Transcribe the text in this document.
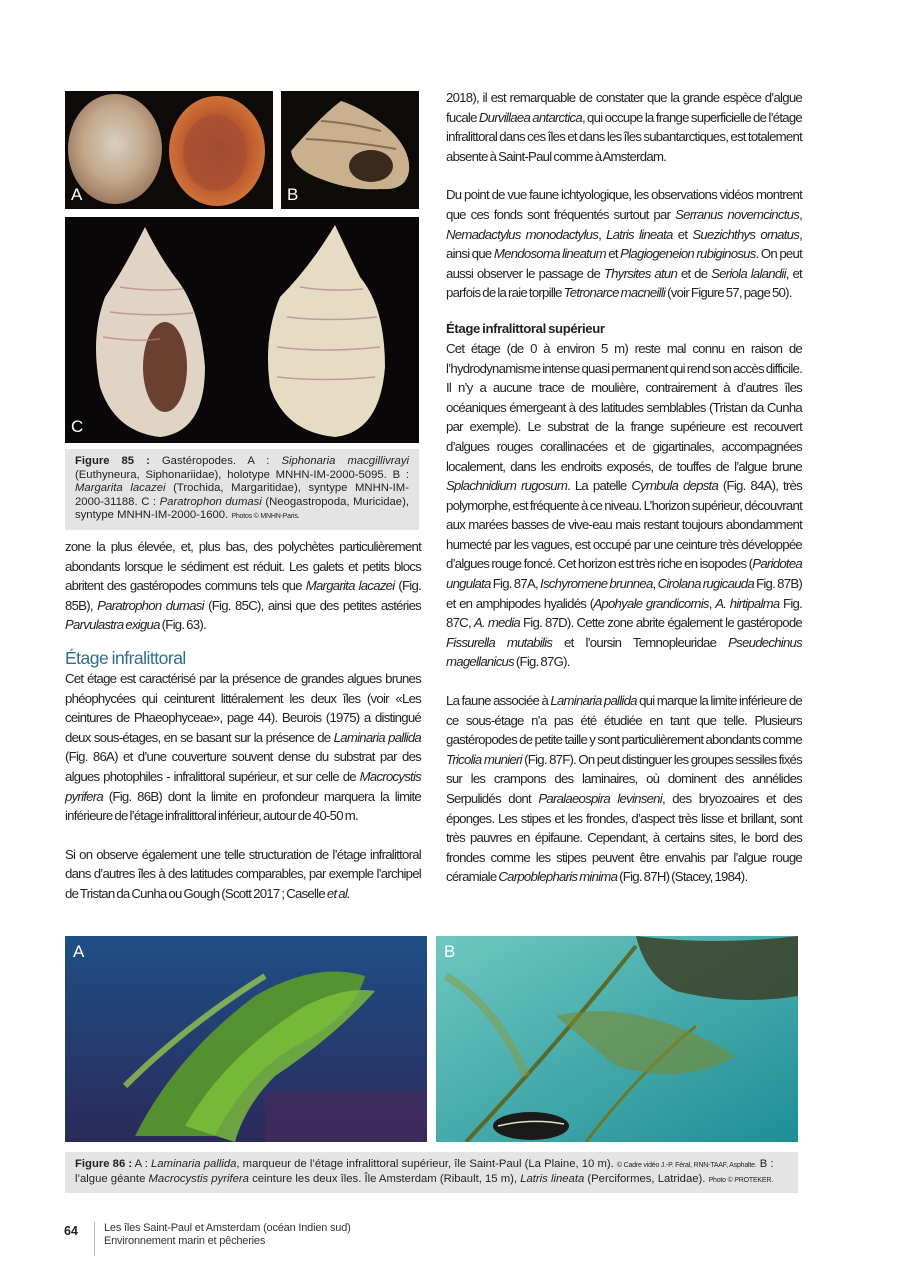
A	B
C
Figure 85 : Gastéropodes. A : Siphonaria macgillivrayi (Euthyneura, Siphonariidae), holotype MNHN-IM-2000-5095. B : Margarita lacazei (Trochida, Margaritidae), syntype MNHN-IM-2000-31188. C : Paratrophon dumasi (Neogastropoda, Muricidae), syntype MNHN-IM-2000-1600. Photos © MNHN-Paris.

zone la plus élevée, et, plus bas, des polychètes particulièrement abondants lorsque le sédiment est réduit. Les galets et petits blocs abritent des gastéropodes communs tels que Margarita lacazei (Fig. 85B), Paratrophon dumasi (Fig. 85C), ainsi que des petites astéries Parvulastra exigua (Fig. 63).

Étage infralittoral

Cet étage est caractérisé par la présence de grandes algues brunes phéophycées qui ceinturent littéralement les deux îles (voir «Les ceintures de Phaeophyceae», page 44). Beurois (1975) a distingué deux sous-étages, en se basant sur la présence de Laminaria pallida (Fig. 86A) et d’une couverture souvent dense du substrat par des algues photophiles - infralittoral supérieur, et sur celle de Macrocystis pyrifera (Fig. 86B) dont la limite en profondeur marquera la limite inférieure de l’étage infralittoral inférieur, autour de 40-50 m.

Si on observe également une telle structuration de l’étage infralittoral dans d’autres îles à des latitudes comparables, par exemple l’archipel de Tristan da Cunha ou Gough (Scott 2017 ; Caselle et al.

2018), il est remarquable de constater que la grande espèce d’algue fucale Durvillaea antarctica, qui occupe la frange superficielle de l’étage infralittoral dans ces îles et dans les îles subantarctiques, est totalement absente à Saint-Paul comme à Amsterdam.

Du point de vue faune ichtyologique, les observations vidéos montrent que ces fonds sont fréquentés surtout par Serranus novemcinctus, Nemadactylus monodactylus, Latris lineata et Suezichthys ornatus, ainsi que Mendosoma lineatum et Plagiogeneion rubiginosus. On peut aussi observer le passage de Thyrsites atun et de Seriola lalandii, et parfois de la raie torpille Tetronarce macneilli (voir Figure 57, page 50).

Étage infralittoral supérieur

Cet étage (de 0 à environ 5 m) reste mal connu en raison de l’hydrodynamisme intense quasi permanent qui rend son accès difficile. Il n’y a aucune trace de moulière, contrairement à d’autres îles océaniques émergeant à des latitudes semblables (Tristan da Cunha par exemple). Le substrat de la frange supérieure est recouvert d’algues rouges corallinacées et de gigartinales, accompagnées localement, dans les endroits exposés, de touffes de l’algue brune Splachnidium rugosum. La patelle Cymbula depsta (Fig. 84A), très polymorphe, est fréquente à ce niveau. L’horizon supérieur, découvrant aux marées basses de vive-eau mais restant toujours abondamment humecté par les vagues, est occupé par une ceinture très développée d’algues rouge foncé. Cet horizon est très riche en isopodes (Paridotea ungulata Fig. 87A, Ischyromene brunnea, Cirolana rugicauda Fig. 87B) et en amphipodes hyalidés (Apohyale grandicornis, A. hirtipalma Fig. 87C, A. media Fig. 87D). Cette zone abrite également le gastéropode Fissurella mutabilis et l’oursin Temnopleuridae Pseudechinus magellanicus (Fig. 87G).

La faune associée à Laminaria pallida qui marque la limite inférieure de ce sous-étage n’a pas été étudiée en tant que telle. Plusieurs gastéropodes de petite taille y sont particulièrement abondants comme Tricolia munieri (Fig. 87F). On peut distinguer les groupes sessiles fixés sur les crampons des laminaires, où dominent des annélides Serpulidés dont Paralaeospira levinseni, des bryozoaires et des éponges. Les stipes et les frondes, d’aspect très lisse et brillant, sont très pauvres en épifaune. Cependant, à certains sites, le bord des frondes comme les stipes peuvent être envahis par l’algue rouge céramiale Carpoblepharis minima (Fig. 87H) (Stacey, 1984).

A	B
Figure 86 : A : Laminaria pallida, marqueur de l’étage infralittoral supérieur, île Saint-Paul (La Plaine, 10 m). © Cadre vidéo J.-P. Féral, RNN-TAAF, Asphalte. B : l’algue géante Macrocystis pyrifera ceinture les deux îles. Île Amsterdam (Ribault, 15 m), Latris lineata (Perciformes, Latridae). Photo © PROTEKER.
64 Les îles Saint-Paul et Amsterdam (océan Indien sud)
Environnement marin et pêcheries
